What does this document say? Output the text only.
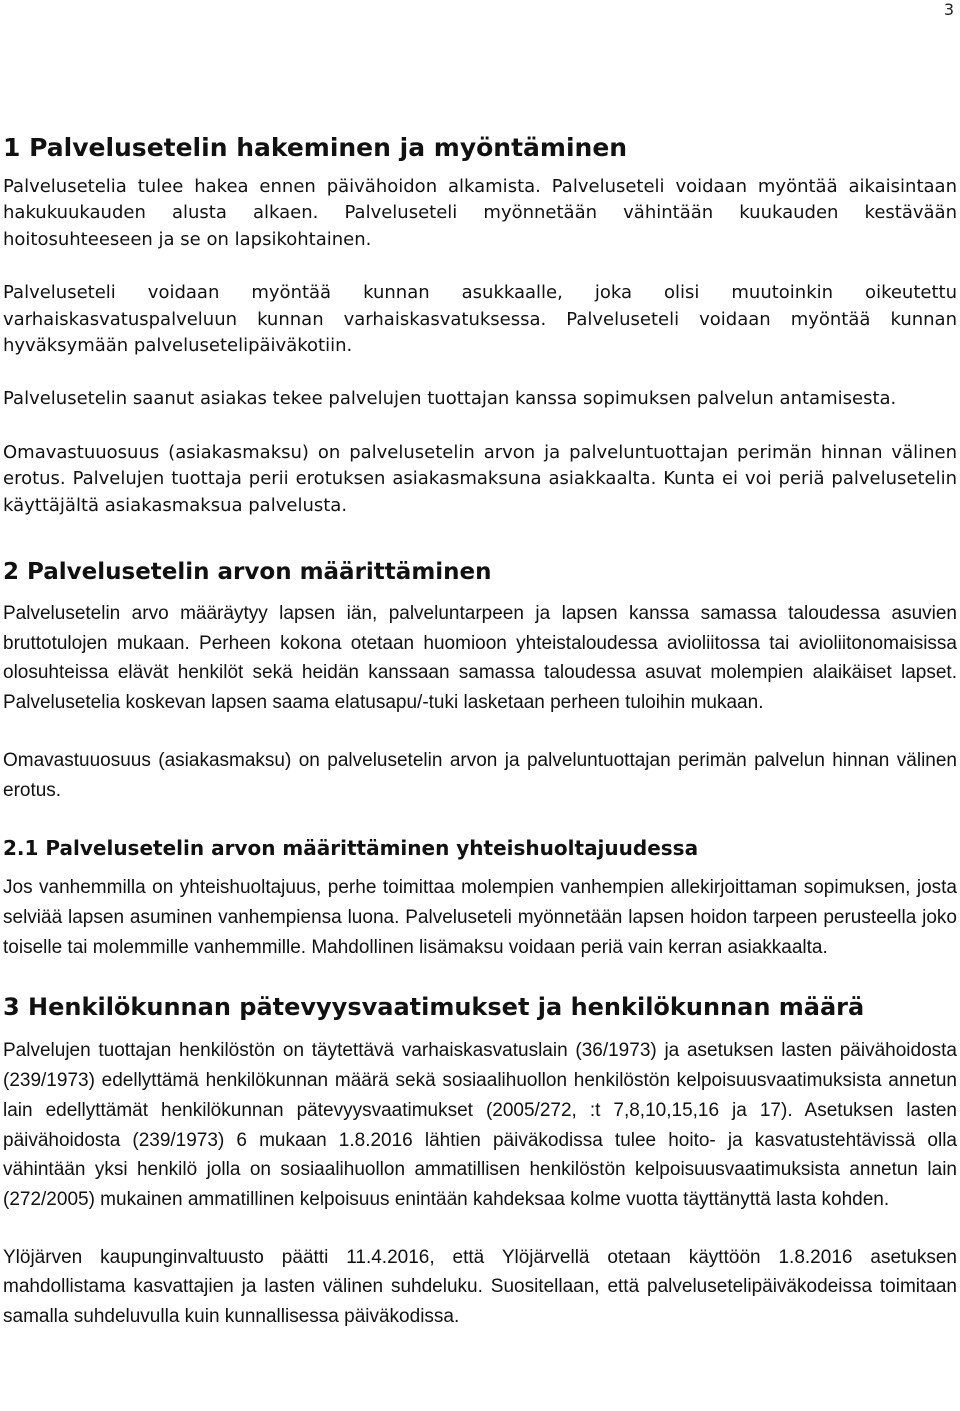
3
1 Palvelusetelin hakeminen ja myöntäminen

Palvelusetelia tulee hakea ennen päivähoidon alkamista. Palveluseteli voidaan myöntää aikaisintaan hakukuukauden alusta alkaen. Palveluseteli myönnetään vähintään kuukauden kestävään hoitosuhteeseen ja se on lapsikohtainen.

Palveluseteli voidaan myöntää kunnan asukkaalle, joka olisi muutoinkin oikeutettu varhaiskasvatuspalveluun kunnan varhaiskasvatuksessa. Palveluseteli voidaan myöntää kunnan hyväksymään palvelusetelipäiväkotiin.

Palvelusetelin saanut asiakas tekee palvelujen tuottajan kanssa sopimuksen palvelun antamisesta.

Omavastuuosuus (asiakasmaksu) on palvelusetelin arvon ja palveluntuottajan perimän hinnan välinen erotus. Palvelujen tuottaja perii erotuksen asiakasmaksuna asiakkaalta. Kunta ei voi periä palvelusetelin käyttäjältä asiakasmaksua palvelusta.

2 Palvelusetelin arvon määrittäminen

Palvelusetelin arvo määräytyy lapsen iän, palveluntarpeen ja lapsen kanssa samassa taloudessa asuvien bruttotulojen mukaan. Perheen kokona otetaan huomioon yhteistaloudessa avioliitossa tai avioliitonomaisissa olosuhteissa elävät henkilöt sekä heidän kanssaan samassa taloudessa asuvat molempien alaikäiset lapset. Palvelusetelia koskevan lapsen saama elatusapu/-tuki lasketaan perheen tuloihin mukaan.

Omavastuuosuus (asiakasmaksu) on palvelusetelin arvon ja palveluntuottajan perimän palvelun hinnan välinen erotus.

2.1 Palvelusetelin arvon määrittäminen yhteishuoltajuudessa

Jos vanhemmilla on yhteishuoltajuus, perhe toimittaa molempien vanhempien allekirjoittaman sopimuksen, josta selviää lapsen asuminen vanhempiensa luona. Palveluseteli myönnetään lapsen hoidon tarpeen perusteella joko toiselle tai molemmille vanhemmille. Mahdollinen lisämaksu voidaan periä vain kerran asiakkaalta.

3 Henkilökunnan pätevyysvaatimukset ja henkilökunnan määrä

Palvelujen tuottajan henkilöstön on täytettävä varhaiskasvatuslain (36/1973) ja asetuksen lasten päivähoidosta (239/1973) edellyttämä henkilökunnan määrä sekä sosiaalihuollon henkilöstön kelpoisuusvaatimuksista annetun lain edellyttämät henkilökunnan pätevyysvaatimukset (2005/272, :t 7,8,10,15,16 ja 17). Asetuksen lasten päivähoidosta (239/1973) 6 mukaan 1.8.2016 lähtien päiväkodissa tulee hoito- ja kasvatustehtävissä olla vähintään yksi henkilö jolla on sosiaalihuollon ammatillisen henkilöstön kelpoisuusvaatimuksista annetun lain (272/2005) mukainen ammatillinen kelpoisuus enintään kahdeksaa kolme vuotta täyttänyttä lasta kohden.

Ylöjärven kaupunginvaltuusto päätti 11.4.2016, että Ylöjärvellä otetaan käyttöön 1.8.2016 asetuksen mahdollistama kasvattajien ja lasten välinen suhdeluku. Suositellaan, että palvelusetelipäiväkodeissa toimitaan samalla suhdeluvulla kuin kunnallisessa päiväkodissa.
